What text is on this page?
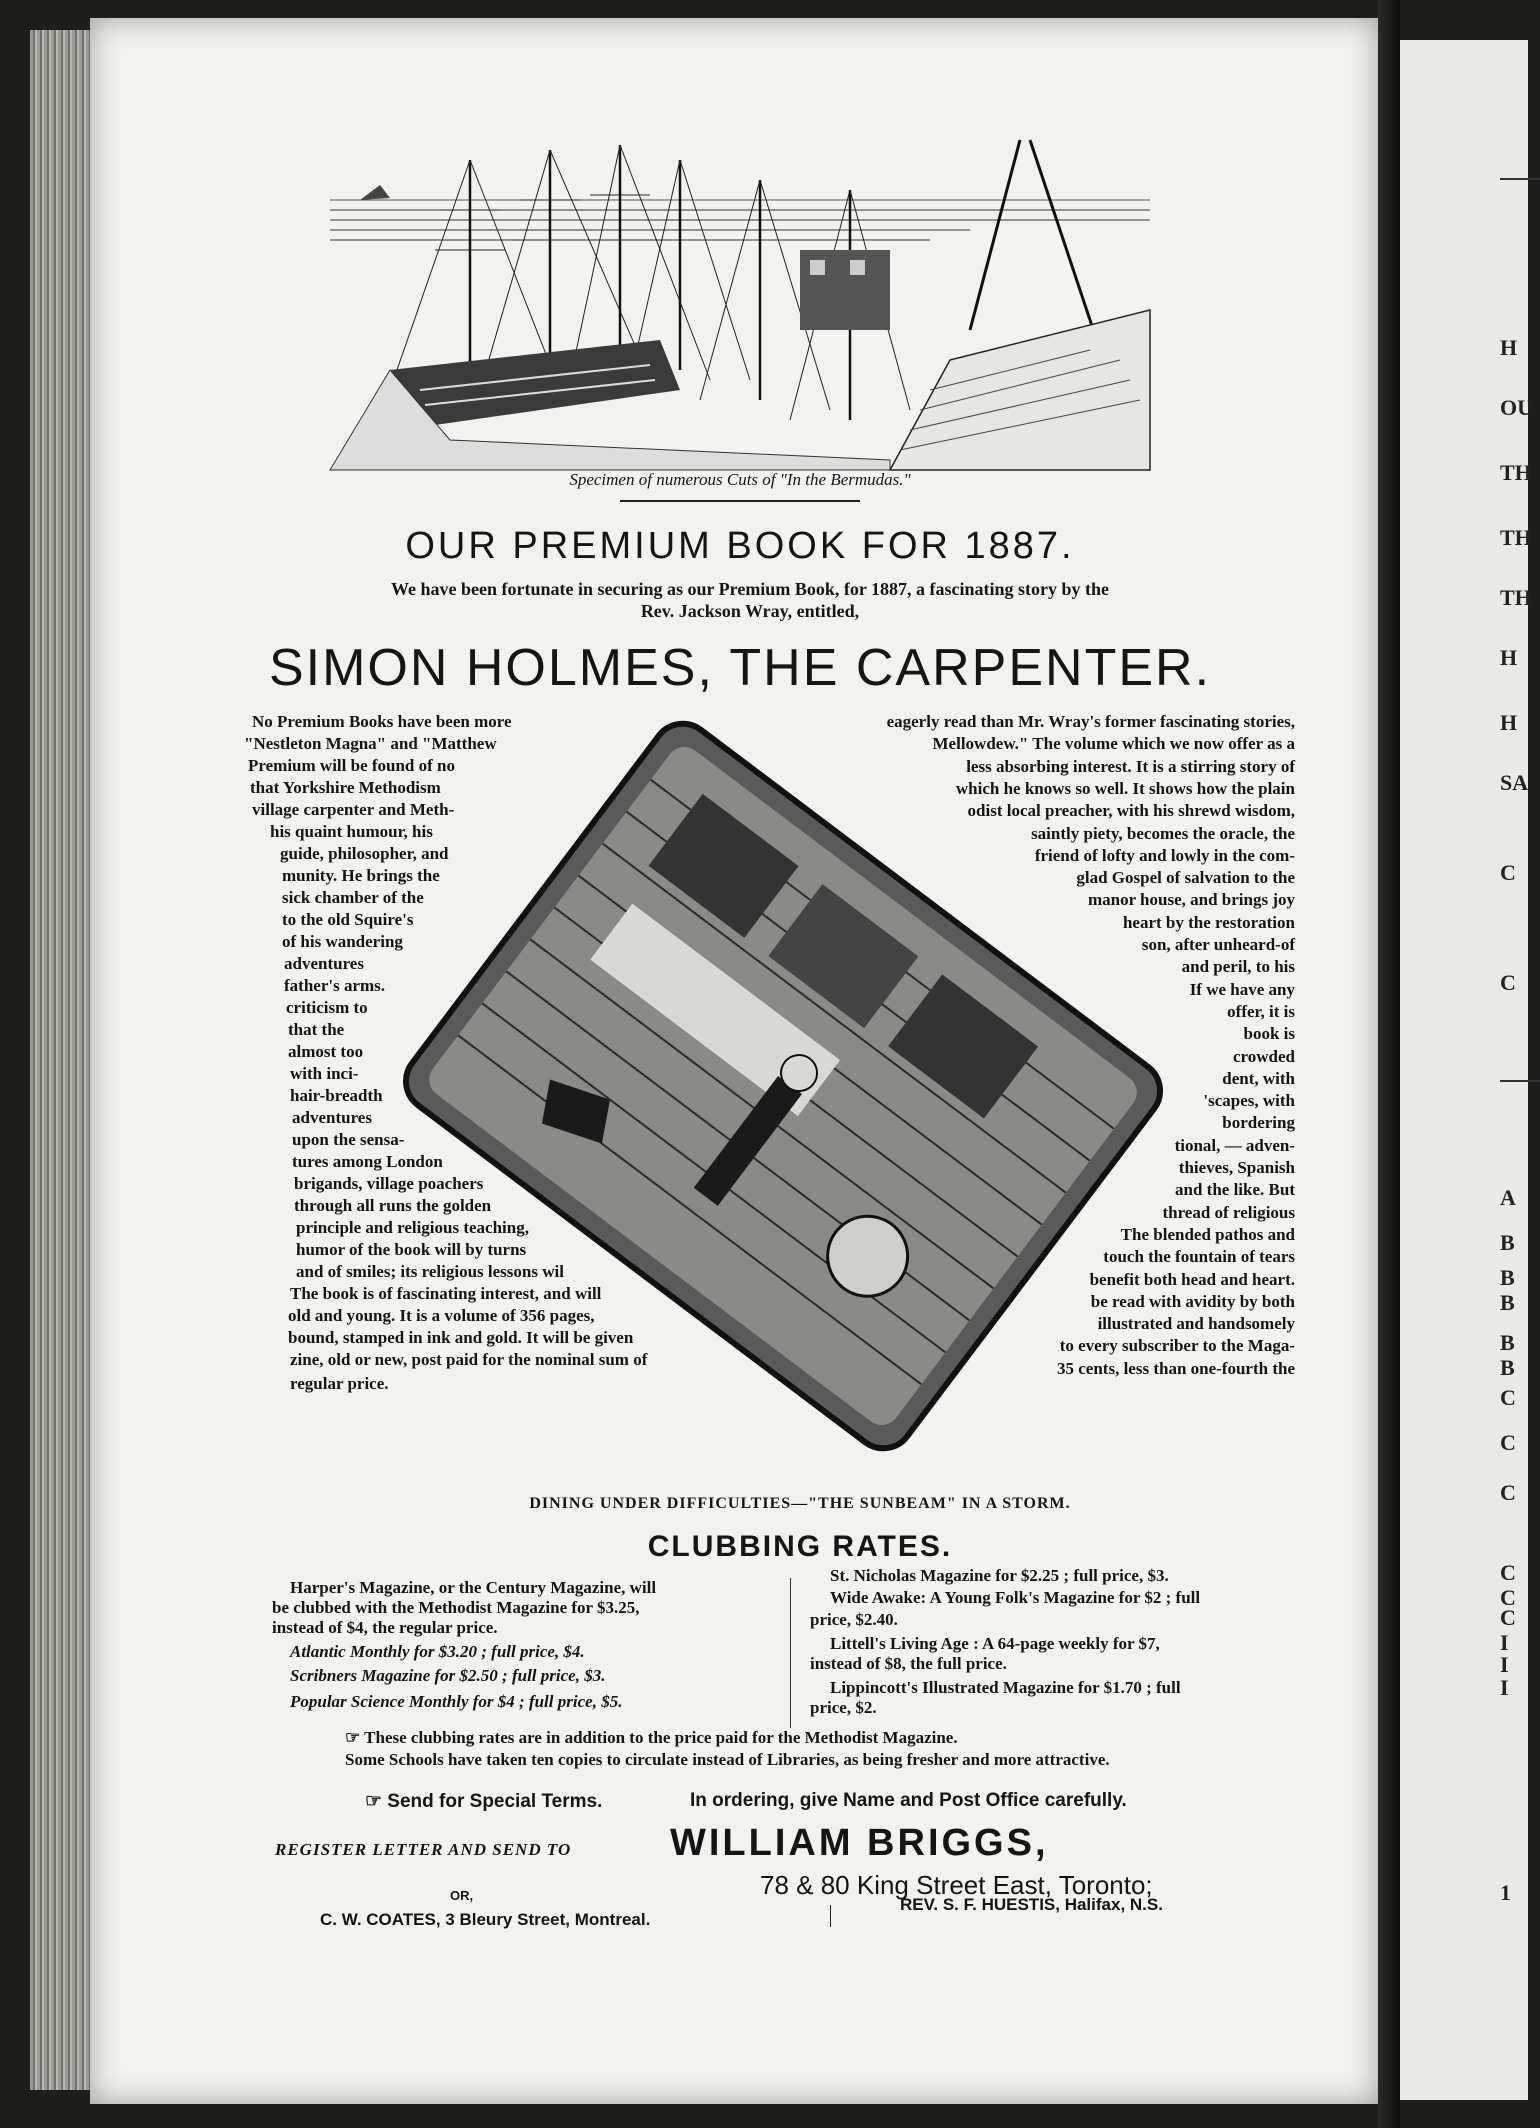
H
OU
TH
TH
TH
H
H
SA
C
C
A
B
B
B
B
B
C
C
C
C
C
C
I
I
I
1
Specimen of numerous Cuts of "In the Bermudas."
OUR PREMIUM BOOK FOR 1887.
We have been fortunate in securing as our Premium Book, for 1887, a fascinating story by the
Rev. Jackson Wray, entitled,
SIMON HOLMES, THE CARPENTER.
No Premium Books have been more
"Nestleton Magna" and "Matthew
Premium will be found of no
that Yorkshire Methodism
village carpenter and Meth-
his quaint humour, his
guide, philosopher, and
munity. He brings the
sick chamber of the
to the old Squire's
of his wandering
adventures
father's arms.
criticism to
that the
almost too
with inci-
hair-breadth
adventures
upon the sensa-
tures among London
brigands, village poachers
through all runs the golden
principle and religious teaching,
humor of the book will by turns
and of smiles; its religious lessons wil
The book is of fascinating interest, and will
old and young. It is a volume of 356 pages,
bound, stamped in ink and gold. It will be given
zine, old or new, post paid for the nominal sum of
regular price.
eagerly read than Mr. Wray's former fascinating stories,
Mellowdew." The volume which we now offer as a
less absorbing interest. It is a stirring story of
which he knows so well. It shows how the plain
odist local preacher, with his shrewd wisdom,
saintly piety, becomes the oracle, the
friend of lofty and lowly in the com-
glad Gospel of salvation to the
manor house, and brings joy
heart by the restoration
son, after unheard-of
and peril, to his
If we have any
offer, it is
book is
crowded
dent, with
'scapes, with
bordering
tional, — adven-
thieves, Spanish
and the like. But
thread of religious
The blended pathos and
touch the fountain of tears
benefit both head and heart.
be read with avidity by both
illustrated and handsomely
to every subscriber to the Maga-
35 cents, less than one-fourth the
DINING UNDER DIFFICULTIES—"THE SUNBEAM" IN A STORM.
CLUBBING RATES.
Harper's Magazine, or the Century Magazine, will
be clubbed with the Methodist Magazine for $3.25,
instead of $4, the regular price.
Atlantic Monthly for $3.20 ; full price, $4.
Scribners Magazine for $2.50 ; full price, $3.
Popular Science Monthly for $4 ; full price, $5.
St. Nicholas Magazine for $2.25 ; full price, $3.
Wide Awake: A Young Folk's Magazine for $2 ; full
price, $2.40.
Littell's Living Age : A 64-page weekly for $7,
instead of $8, the full price.
Lippincott's Illustrated Magazine for $1.70 ; full
price, $2.
☞ These clubbing rates are in addition to the price paid for the Methodist Magazine.
Some Schools have taken ten copies to circulate instead of Libraries, as being fresher and more attractive.
☞ Send for Special Terms.	In ordering, give Name and Post Office carefully.
REGISTER LETTER AND SEND TO	WILLIAM BRIGGS,
78 & 80 King Street East, Toronto;
OR,
C. W. COATES, 3 Bleury Street, Montreal.
REV. S. F. HUESTIS, Halifax, N.S.
